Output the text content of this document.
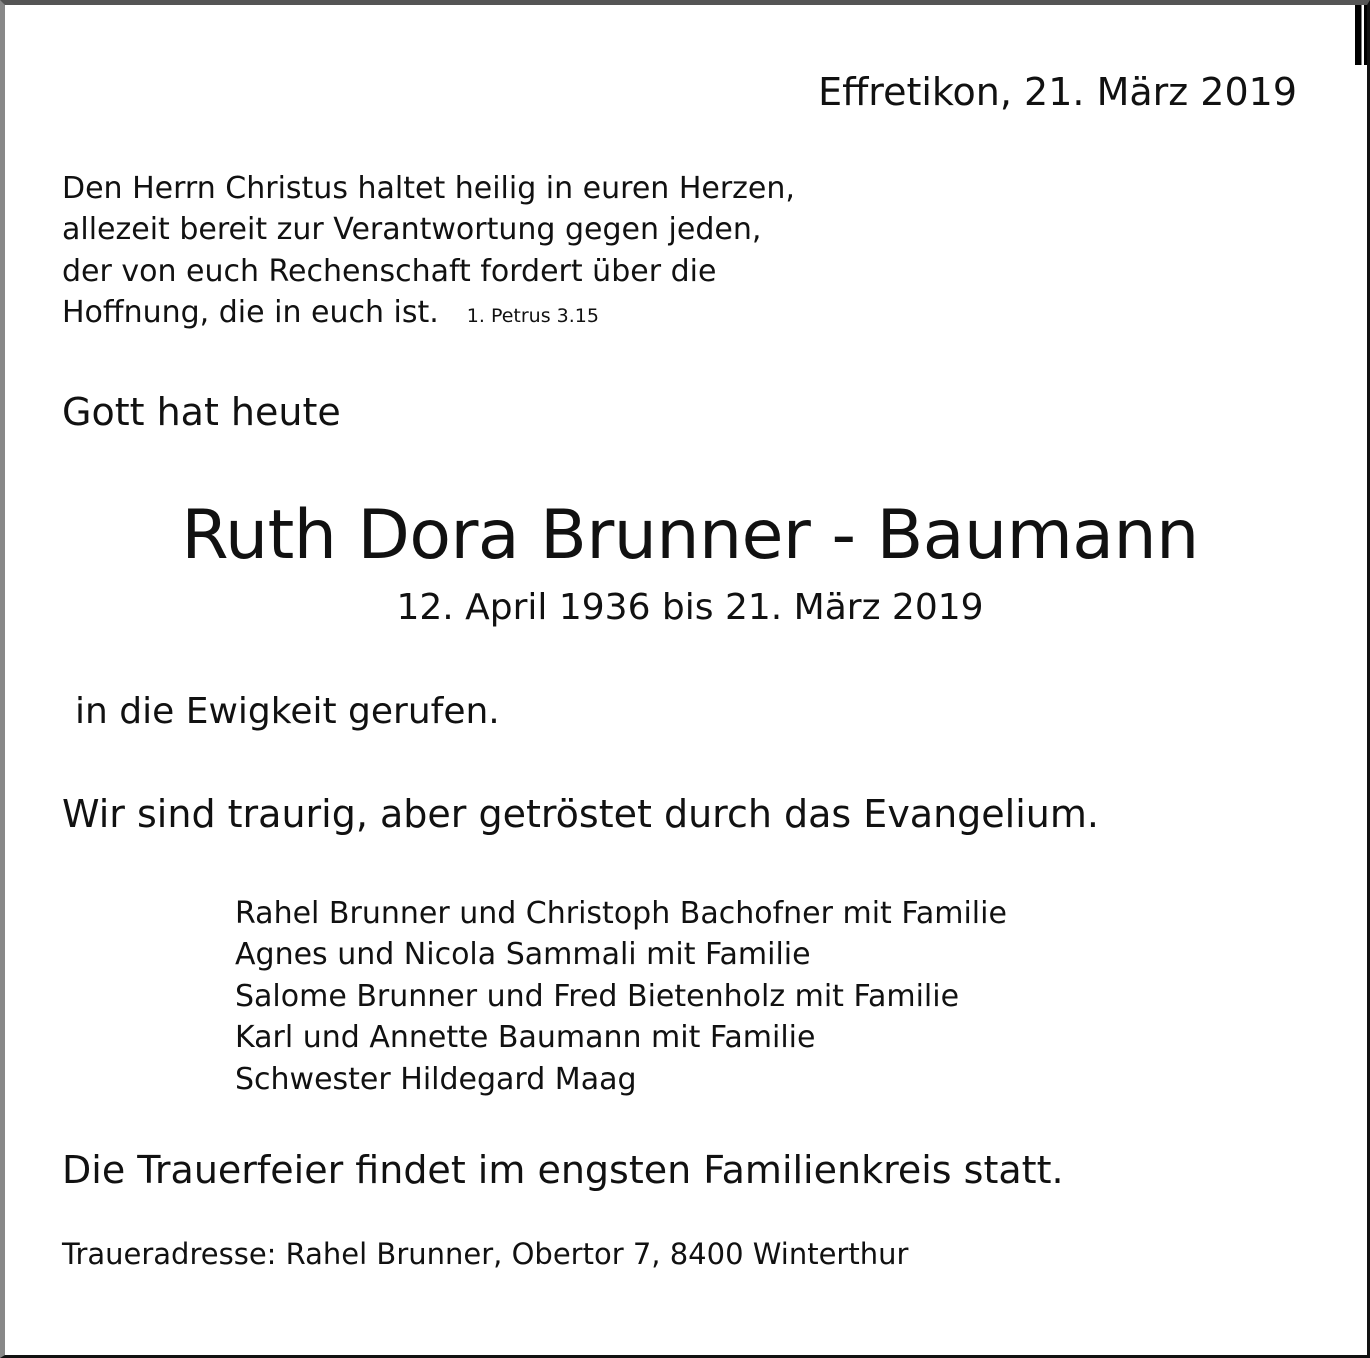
Effretikon, 21. März 2019
Den Herrn Christus haltet heilig in euren Herzen,
allezeit bereit zur Verantwortung gegen jeden,
der von euch Rechenschaft fordert über die
Hoffnung, die in euch ist. 1. Petrus 3.15
Gott hat heute
Ruth Dora Brunner - Baumann
12. April 1936 bis 21. März 2019
in die Ewigkeit gerufen.
Wir sind traurig, aber getröstet durch das Evangelium.
Rahel Brunner und Christoph Bachofner mit Familie
Agnes und Nicola Sammali mit Familie
Salome Brunner und Fred Bietenholz mit Familie
Karl und Annette Baumann mit Familie
Schwester Hildegard Maag
Die Trauerfeier findet im engsten Familienkreis statt.
Traueradresse: Rahel Brunner, Obertor 7, 8400 Winterthur
